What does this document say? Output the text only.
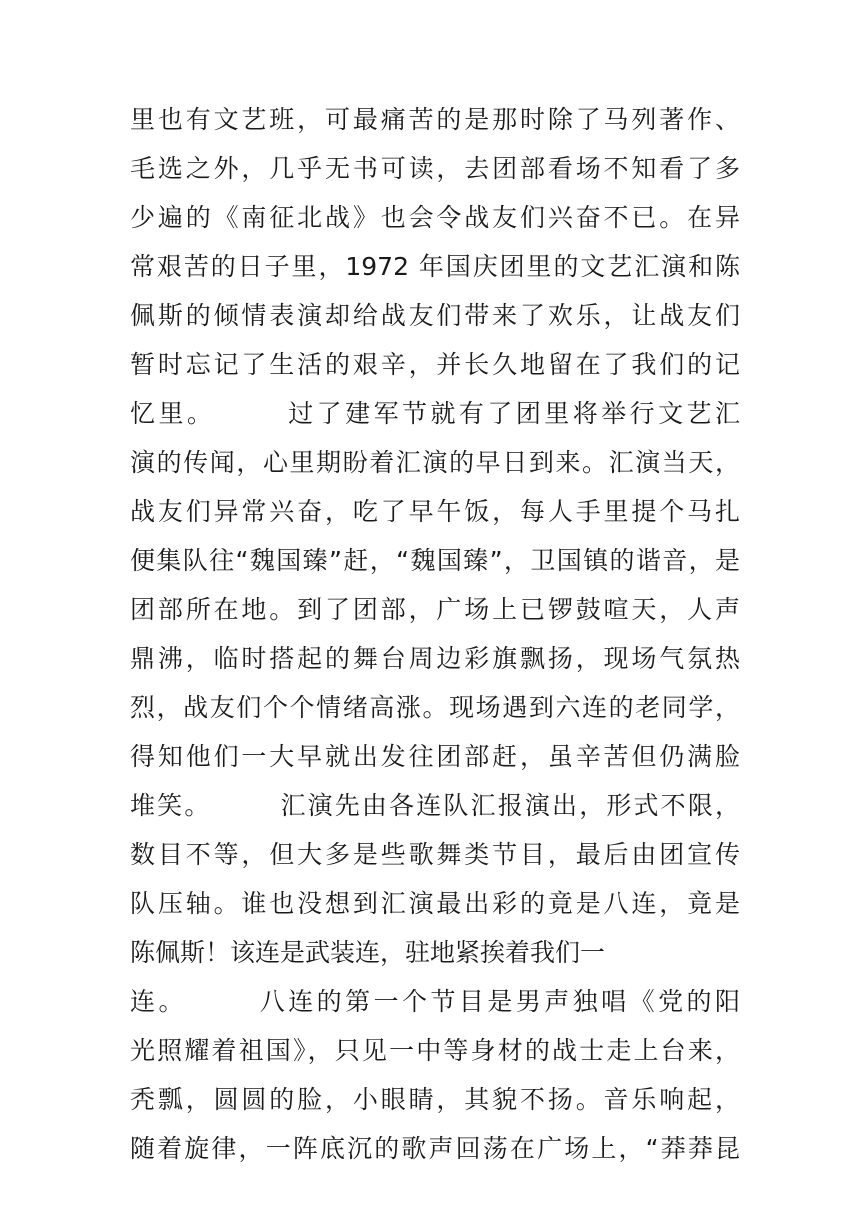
里也有文艺班，可最痛苦的是那时除了马列著作、
毛选之外，几乎无书可读，去团部看场不知看了多
少遍的《南征北战》也会令战友们兴奋不已。在异
常艰苦的日子里，1972 年国庆团里的文艺汇演和陈
佩斯的倾情表演却给战友们带来了欢乐，让战友们
暂时忘记了生活的艰辛，并长久地留在了我们的记
忆里。　　　过了建军节就有了团里将举行文艺汇
演的传闻，心里期盼着汇演的早日到来。汇演当天，
战友们异常兴奋，吃了早午饭，每人手里提个马扎
便集队往“魏国臻”赶，“魏国臻”，卫国镇的谐音，是
团部所在地。到了团部，广场上已锣鼓喧天，人声
鼎沸，临时搭起的舞台周边彩旗飘扬，现场气氛热
烈，战友们个个情绪高涨。现场遇到六连的老同学，
得知他们一大早就出发往团部赶，虽辛苦但仍满脸
堆笑。　　　汇演先由各连队汇报演出，形式不限，
数目不等，但大多是些歌舞类节目，最后由团宣传
队压轴。谁也没想到汇演最出彩的竟是八连，竟是
陈佩斯！该连是武装连，驻地紧挨着我们一
连。　　　八连的第一个节目是男声独唱《党的阳
光照耀着祖国》，只见一中等身材的战士走上台来，
秃瓢，圆圆的脸，小眼睛，其貌不扬。音乐响起，
随着旋律，一阵底沉的歌声回荡在广场上，“莽莽昆
